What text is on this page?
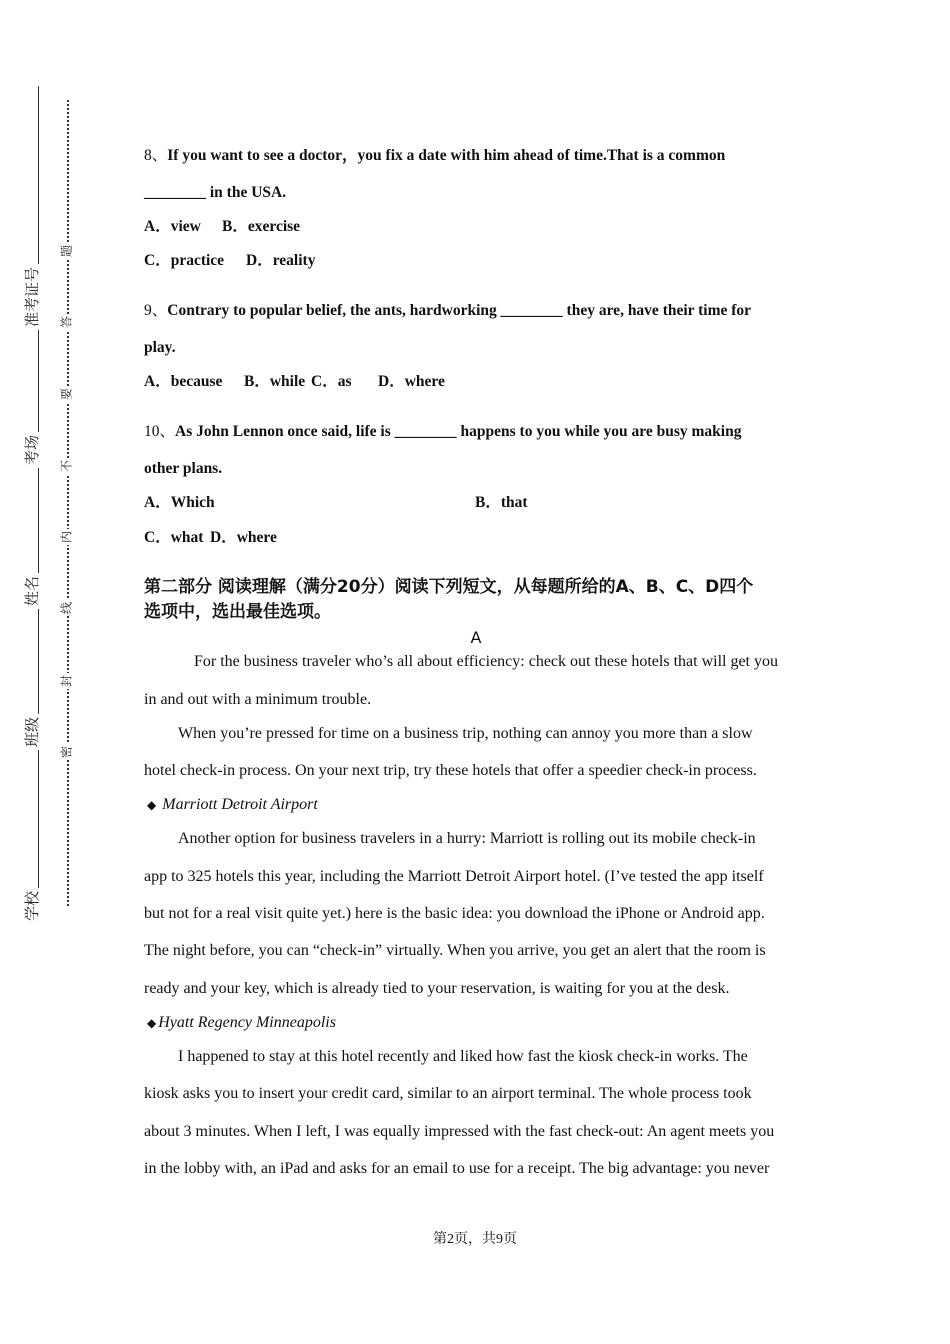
准考证号
考场
姓名
班级
学校
题
答
要
不
内
线
封
密
8、If you want to see a doctor，you fix a date with him ahead of time.That is a common
________ in the USA.
A．view B．exercise
C．practice D．reality
9、Contrary to popular belief, the ants, hardworking ________ they are, have their time for
play.
A．because B．while C．as D．where
10、As John Lennon once said, life is ________ happens to you while you are busy making
other plans.
A．Which	B．that
C．what D．where
第二部分 阅读理解（满分20分）阅读下列短文，从每题所给的A、B、C、D四个
选项中，选出最佳选项。
A
For the business traveler who’s all about efficiency: check out these hotels that will get you
in and out with a minimum trouble.
When you’re pressed for time on a business trip, nothing can annoy you more than a slow
hotel check-in process. On your next trip, try these hotels that offer a speedier check-in process.
◆ Marriott Detroit Airport
Another option for business travelers in a hurry: Marriott is rolling out its mobile check-in
app to 325 hotels this year, including the Marriott Detroit Airport hotel. (I’ve tested the app itself
but not for a real visit quite yet.) here is the basic idea: you download the iPhone or Android app.
The night before, you can “check-in” virtually. When you arrive, you get an alert that the room is
ready and your key, which is already tied to your reservation, is waiting for you at the desk.
◆ Hyatt Regency Minneapolis
I happened to stay at this hotel recently and liked how fast the kiosk check-in works. The
kiosk asks you to insert your credit card, similar to an airport terminal. The whole process took
about 3 minutes. When I left, I was equally impressed with the fast check-out: An agent meets you
in the lobby with, an iPad and asks for an email to use for a receipt. The big advantage: you never
第2页，共9页
